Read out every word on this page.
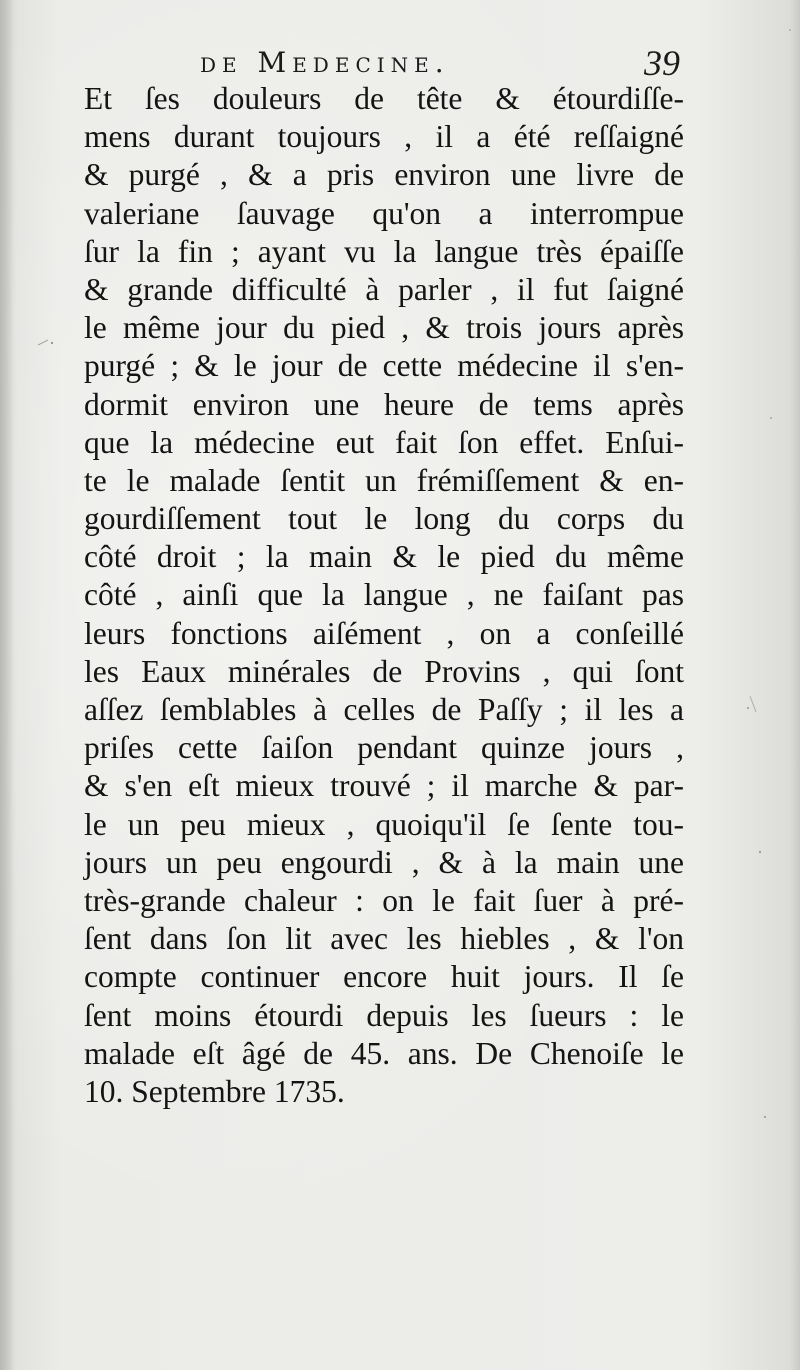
de Medecine.	39
Et ſes douleurs de tête & étourdiſſe-
mens durant toujours , il a été reſſaigné
& purgé , & a pris environ une livre de
valeriane ſauvage qu'on a interrompue
ſur la fin ; ayant vu la langue très épaiſſe
& grande difficulté à parler , il fut ſaigné
le même jour du pied , & trois jours après
purgé ; & le jour de cette médecine il s'en-
dormit environ une heure de tems après
que la médecine eut fait ſon effet. Enſui-
te le malade ſentit un frémiſſement & en-
gourdiſſement tout le long du corps du
côté droit ; la main & le pied du même
côté , ainſi que la langue , ne faiſant pas
leurs fonctions aiſément , on a conſeillé
les Eaux minérales de Provins , qui ſont
aſſez ſemblables à celles de Paſſy ; il les a
priſes cette ſaiſon pendant quinze jours ,
& s'en eſt mieux trouvé ; il marche & par-
le un peu mieux , quoiqu'il ſe ſente tou-
jours un peu engourdi , & à la main une
très-grande chaleur : on le fait ſuer à pré-
ſent dans ſon lit avec les hiebles , & l'on
compte continuer encore huit jours. Il ſe
ſent moins étourdi depuis les ſueurs : le
malade eſt âgé de 45. ans. De Chenoiſe le
10. Septembre 1735.
